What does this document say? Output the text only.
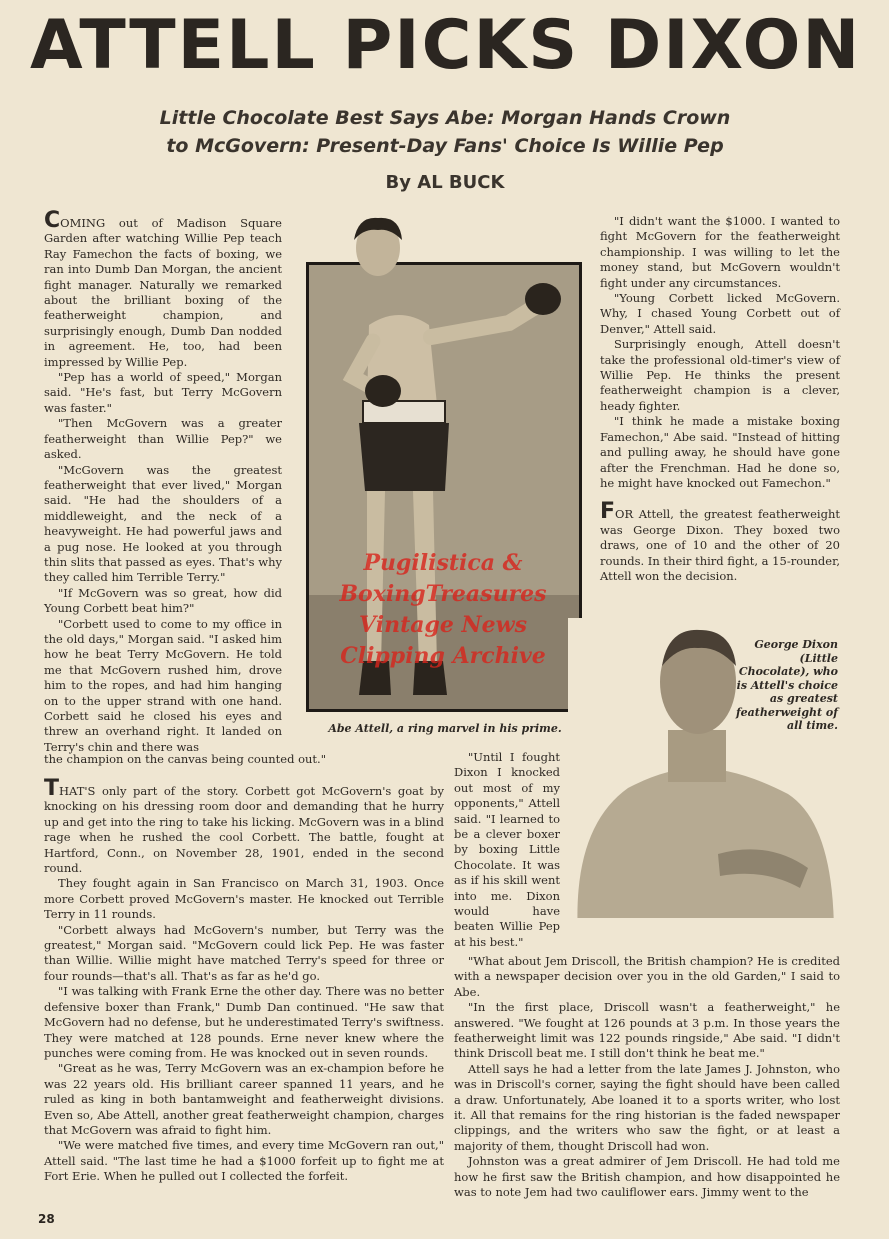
ATTELL PICKS DIXON
Little Chocolate Best Says Abe: Morgan Hands Crown
to McGovern: Present-Day Fans' Choice Is Willie Pep
By AL BUCK

COMING out of Madison Square Garden after watching Willie Pep teach Ray Famechon the facts of boxing, we ran into Dumb Dan Morgan, the ancient fight manager. Naturally we remarked about the brilliant boxing of the featherweight champion, and surprisingly enough, Dumb Dan nodded in agreement. He, too, had been impressed by Willie Pep.

"Pep has a world of speed," Morgan said. "He's fast, but Terry McGovern was faster."

"Then McGovern was a greater featherweight than Willie Pep?" we asked.

"McGovern was the greatest featherweight that ever lived," Morgan said. "He had the shoulders of a middleweight, and the neck of a heavyweight. He had powerful jaws and a pug nose. He looked at you through thin slits that passed as eyes. That's why they called him Terrible Terry."

"If McGovern was so great, how did Young Corbett beat him?"

"Corbett used to come to my office in the old days," Morgan said. "I asked him how he beat Terry McGovern. He told me that McGovern rushed him, drove him to the ropes, and had him hanging on to the upper strand with one hand. Corbett said he closed his eyes and threw an overhand right. It landed on Terry's chin and there was

the champion on the canvas being counted out."
Abe Attell, a ring marvel in his prime.
Pugilistica &
BoxingTreasures
Vintage News
Clipping Archive

"I didn't want the $1000. I wanted to fight McGovern for the featherweight championship. I was willing to let the money stand, but McGovern wouldn't fight under any circumstances.

"Young Corbett licked McGovern. Why, I chased Young Corbett out of Denver," Attell said.

Surprisingly enough, Attell doesn't take the professional old-timer's view of Willie Pep. He thinks the present featherweight champion is a clever, heady fighter.

"I think he made a mistake boxing Famechon," Abe said. "Instead of hitting and pulling away, he should have gone after the Frenchman. Had he done so, he might have knocked out Famechon."

FOR Attell, the greatest featherweight was George Dixon. They boxed two draws, one of 10 and the other of 20 rounds. In their third fight, a 15-rounder, Attell won the decision.

George Dixon (Little Chocolate), who is Attell's choice as greatest featherweight of all time.

THAT'S only part of the story. Corbett got McGovern's goat by knocking on his dressing room door and demanding that he hurry up and get into the ring to take his licking. McGovern was in a blind rage when he rushed the cool Corbett. The battle, fought at Hartford, Conn., on November 28, 1901, ended in the second round.

They fought again in San Francisco on March 31, 1903. Once more Corbett proved McGovern's master. He knocked out Terrible Terry in 11 rounds.

"Corbett always had McGovern's number, but Terry was the greatest," Morgan said. "McGovern could lick Pep. He was faster than Willie. Willie might have matched Terry's speed for three or four rounds—that's all. That's as far as he'd go.

"I was talking with Frank Erne the other day. There was no better defensive boxer than Frank," Dumb Dan continued. "He saw that McGovern had no defense, but he underestimated Terry's swiftness. They were matched at 128 pounds. Erne never knew where the punches were coming from. He was knocked out in seven rounds.

"Great as he was, Terry McGovern was an ex-champion before he was 22 years old. His brilliant career spanned 11 years, and he ruled as king in both bantamweight and featherweight divisions. Even so, Abe Attell, another great featherweight champion, charges that McGovern was afraid to fight him.

"We were matched five times, and every time McGovern ran out," Attell said. "The last time he had a $1000 forfeit up to fight me at Fort Erie. When he pulled out I collected the forfeit.

"Until I fought Dixon I knocked out most of my opponents," Attell said. "I learned to be a clever boxer by boxing Little Chocolate. It was as if his skill went into me. Dixon would have beaten Willie Pep at his best."

"What about Jem Driscoll, the British champion? He is credited with a newspaper decision over you in the old Garden," I said to Abe.

"In the first place, Driscoll wasn't a featherweight," he answered. "We fought at 126 pounds at 3 p.m. In those years the featherweight limit was 122 pounds ringside," Abe said. "I didn't think Driscoll beat me. I still don't think he beat me."

Attell says he had a letter from the late James J. Johnston, who was in Driscoll's corner, saying the fight should have been called a draw. Unfortunately, Abe loaned it to a sports writer, who lost it. All that remains for the ring historian is the faded newspaper clippings, and the writers who saw the fight, or at least a majority of them, thought Driscoll had won.

Johnston was a great admirer of Jem Driscoll. He had told me how he first saw the British champion, and how disappointed he was to note Jem had two cauliflower ears. Jimmy went to the

28
